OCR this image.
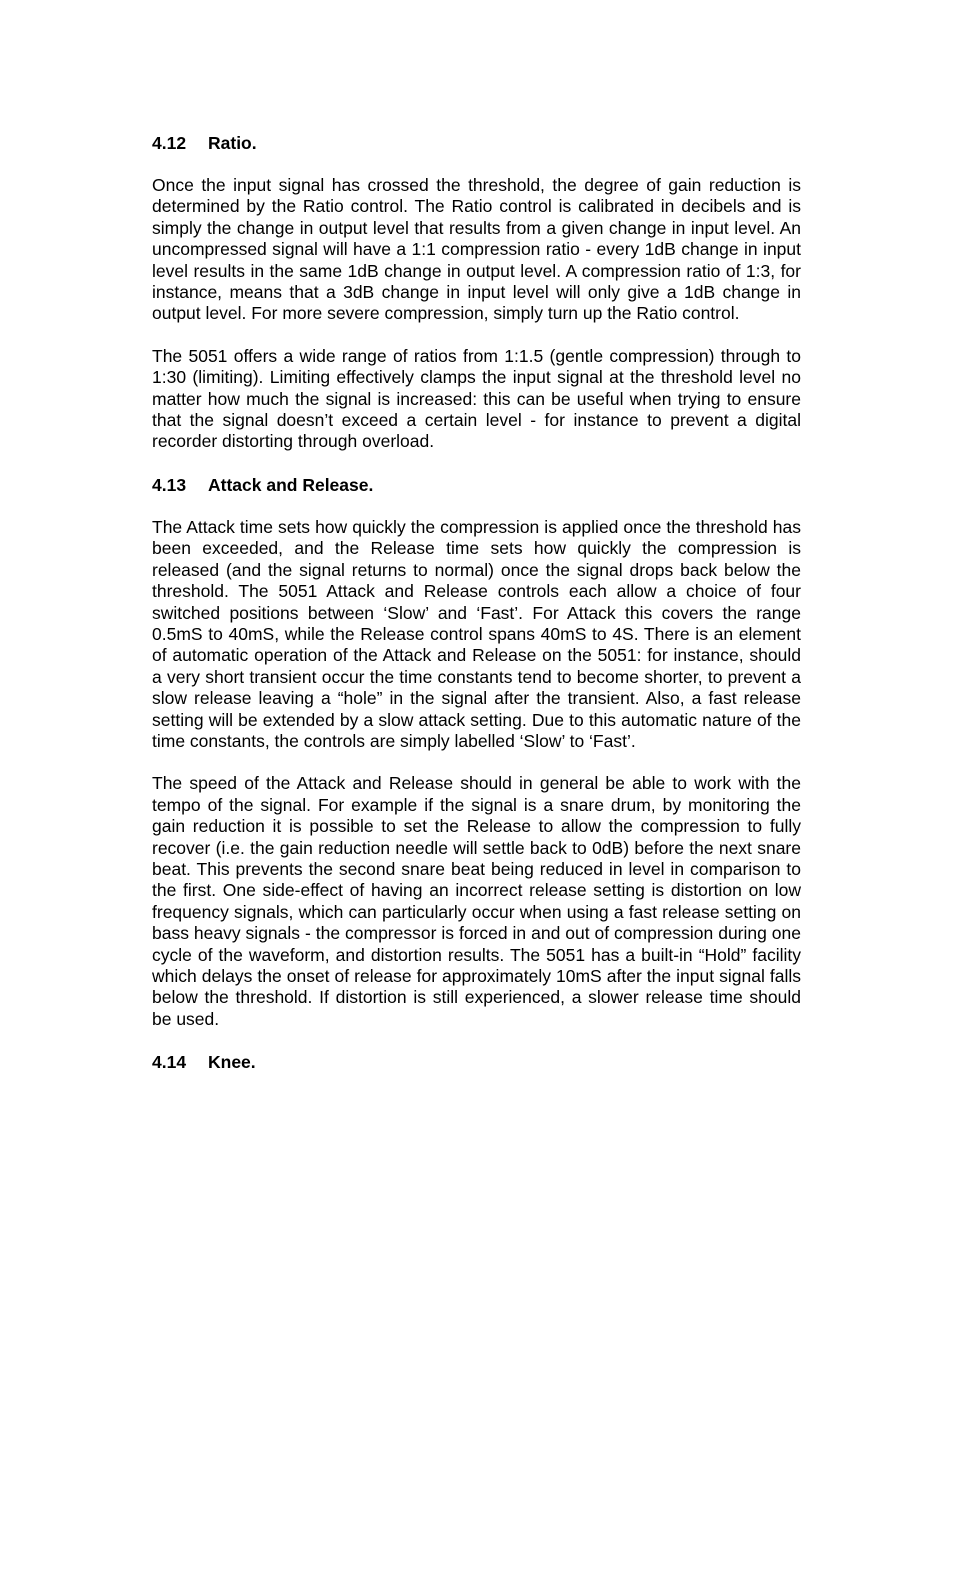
4.12	Ratio.

Once the input signal has crossed the threshold, the degree of gain reduction is determined by the Ratio control. The Ratio control is calibrated in decibels and is simply the change in output level that results from a given change in input level. An uncompressed signal will have a 1:1 compression ratio - every 1dB change in input level results in the same 1dB change in output level. A compression ratio of 1:3, for instance, means that a 3dB change in input level will only give a 1dB change in output level. For more severe compression, simply turn up the Ratio control.

The 5051 offers a wide range of ratios from 1:1.5 (gentle compression) through to 1:30 (limiting). Limiting effectively clamps the input signal at the threshold level no matter how much the signal is increased: this can be useful when trying to ensure that the signal doesn’t exceed a certain level - for instance to prevent a digital recorder distorting through overload.

4.13	Attack and Release.

The Attack time sets how quickly the compression is applied once the threshold has been exceeded, and the Release time sets how quickly the compression is released (and the signal returns to normal) once the signal drops back below the threshold. The 5051 Attack and Release controls each allow a choice of four switched positions between ‘Slow’ and ‘Fast’. For Attack this covers the range 0.5mS to 40mS, while the Release control spans 40mS to 4S. There is an element of automatic operation of the Attack and Release on the 5051: for instance, should a very short transient occur the time constants tend to become shorter, to prevent a slow release leaving a “hole” in the signal after the transient. Also, a fast release setting will be extended by a slow attack setting. Due to this automatic nature of the time constants, the controls are simply labelled ‘Slow’ to ‘Fast’.

The speed of the Attack and Release should in general be able to work with the tempo of the signal. For example if the signal is a snare drum, by monitoring the gain reduction it is possible to set the Release to allow the compression to fully recover (i.e. the gain reduction needle will settle back to 0dB) before the next snare beat. This prevents the second snare beat being reduced in level in comparison to the first. One side-effect of having an incorrect release setting is distortion on low frequency signals, which can particularly occur when using a fast release setting on bass heavy signals - the compressor is forced in and out of compression during one cycle of the waveform, and distortion results. The 5051 has a built-in “Hold” facility which delays the onset of release for approximately 10mS after the input signal falls below the threshold. If distortion is still experienced, a slower release time should be used.

4.14	Knee.
